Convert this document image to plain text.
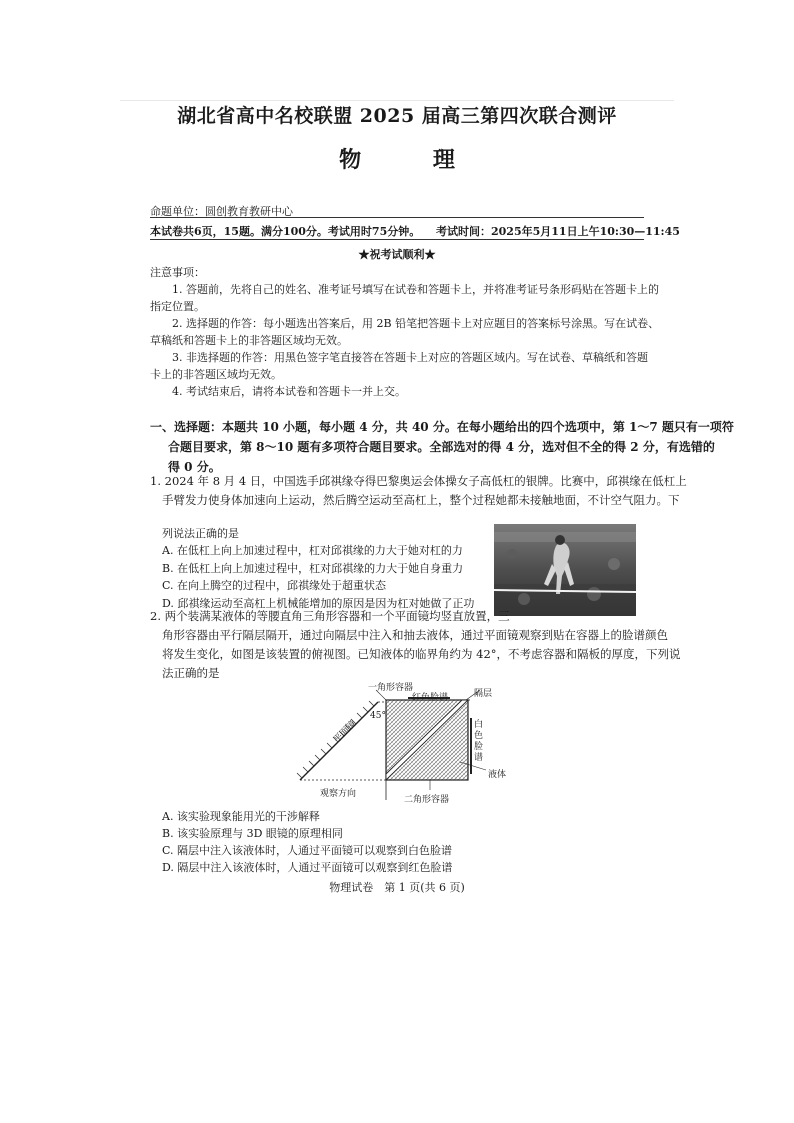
湖北省高中名校联盟 2025 届高三第四次联合测评
物 理
命题单位：圆创教育教研中心
本试卷共6页，15题。满分100分。考试用时75分钟。 考试时间：2025年5月11日上午10:30—11:45
★祝考试顺利★
注意事项：
1. 答题前，先将自己的姓名、准考证号填写在试卷和答题卡上，并将准考证号条形码贴在答题卡上的
指定位置。
2. 选择题的作答：每小题选出答案后，用 2B 铅笔把答题卡上对应题目的答案标号涂黑。写在试卷、
草稿纸和答题卡上的非答题区域均无效。
3. 非选择题的作答：用黑色签字笔直接答在答题卡上对应的答题区域内。写在试卷、草稿纸和答题
卡上的非答题区域均无效。
4. 考试结束后，请将本试卷和答题卡一并上交。
一、选择题：本题共 10 小题，每小题 4 分，共 40 分。在每小题给出的四个选项中，第 1～7 题只有一项符
合题目要求，第 8～10 题有多项符合题目要求。全部选对的得 4 分，选对但不全的得 2 分，有选错的
得 0 分。
1. 2024 年 8 月 4 日，中国选手邱祺缘夺得巴黎奥运会体操女子高低杠的银牌。比赛中，邱祺缘在低杠上
手臂发力使身体加速向上运动，然后腾空运动至高杠上，整个过程她都未接触地面，不计空气阻力。下
列说法正确的是
A. 在低杠上向上加速过程中，杠对邱祺缘的力大于她对杠的力
B. 在低杠上向上加速过程中，杠对邱祺缘的力大于她自身重力
C. 在向上腾空的过程中，邱祺缘处于超重状态
D. 邱祺缘运动至高杠上机械能增加的原因是因为杠对她做了正功
2. 两个装满某液体的等腰直角三角形容器和一个平面镜均竖直放置，三
角形容器由平行隔层隔开，通过向隔层中注入和抽去液体，通过平面镜观察到贴在容器上的脸谱颜色
将发生变化，如图是该装置的俯视图。已知液体的临界角约为 42°，不考虑容器和隔板的厚度，下列说
法正确的是
一角形容器
红色脸谱	隔层
45°
白色脸谱
平面镜
液体
观察方向
二角形容器
A. 该实验现象能用光的干涉解释
B. 该实验原理与 3D 眼镜的原理相同
C. 隔层中注入该液体时，人通过平面镜可以观察到白色脸谱
D. 隔层中注入该液体时，人通过平面镜可以观察到红色脸谱
物理试卷　第 1 页(共 6 页)
